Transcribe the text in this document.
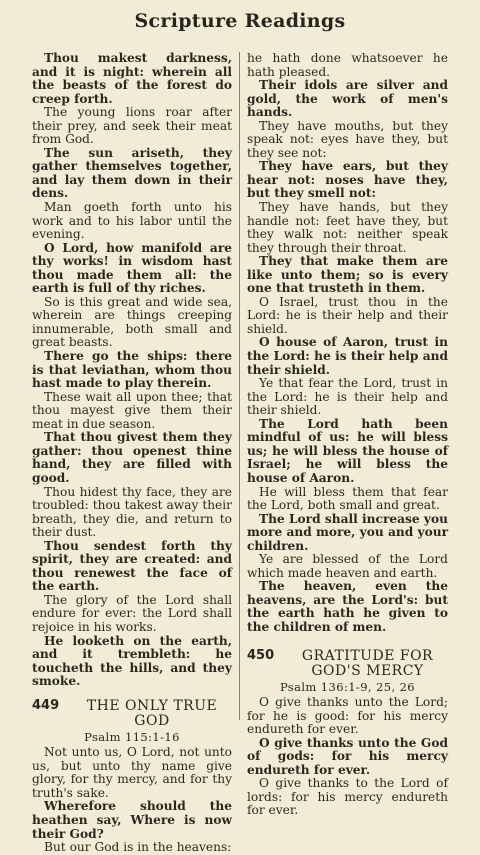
Scripture Readings

Thou makest darkness, and it is night: wherein all the beasts of the forest do creep forth.

The young lions roar after their prey, and seek their meat from God.

The sun ariseth, they gather themselves together, and lay them down in their dens.

Man goeth forth unto his work and to his labor until the evening.

O Lord, how manifold are thy works! in wisdom hast thou made them all: the earth is full of thy riches.

So is this great and wide sea, wherein are things creeping innumerable, both small and great beasts.

There go the ships: there is that leviathan, whom thou hast made to play therein.

These wait all upon thee; that thou mayest give them their meat in due season.

That thou givest them they gather: thou openest thine hand, they are filled with good.

Thou hidest thy face, they are troubled: thou takest away their breath, they die, and return to their dust.

Thou sendest forth thy spirit, they are created: and thou renewest the face of the earth.

The glory of the Lord shall endure for ever: the Lord shall rejoice in his works.

He looketh on the earth, and it trembleth: he toucheth the hills, and they smoke.

449	THE ONLY TRUE
GOD
Psalm 115:1-16

Not unto us, O Lord, not unto us, but unto thy name give glory, for thy mercy, and for thy truth's sake.

Wherefore should the heathen say, Where is now their God?

But our God is in the heavens:

he hath done whatsoever he hath pleased.

Their idols are silver and gold, the work of men's hands.

They have mouths, but they speak not: eyes have they, but they see not:

They have ears, but they hear not: noses have they, but they smell not:

They have hands, but they handle not: feet have they, but they walk not: neither speak they through their throat.

They that make them are like unto them; so is every one that trusteth in them.

O Israel, trust thou in the Lord: he is their help and their shield.

O house of Aaron, trust in the Lord: he is their help and their shield.

Ye that fear the Lord, trust in the Lord: he is their help and their shield.

The Lord hath been mindful of us: he will bless us; he will bless the house of Israel; he will bless the house of Aaron.

He will bless them that fear the Lord, both small and great.

The Lord shall increase you more and more, you and your children.

Ye are blessed of the Lord which made heaven and earth.

The heaven, even the heavens, are the Lord's: but the earth hath he given to the children of men.

450	GRATITUDE FOR
GOD'S MERCY
Psalm 136:1-9, 25, 26

O give thanks unto the Lord; for he is good: for his mercy endureth for ever.

O give thanks unto the God of gods: for his mercy endureth for ever.

O give thanks to the Lord of lords: for his mercy endureth for ever.
